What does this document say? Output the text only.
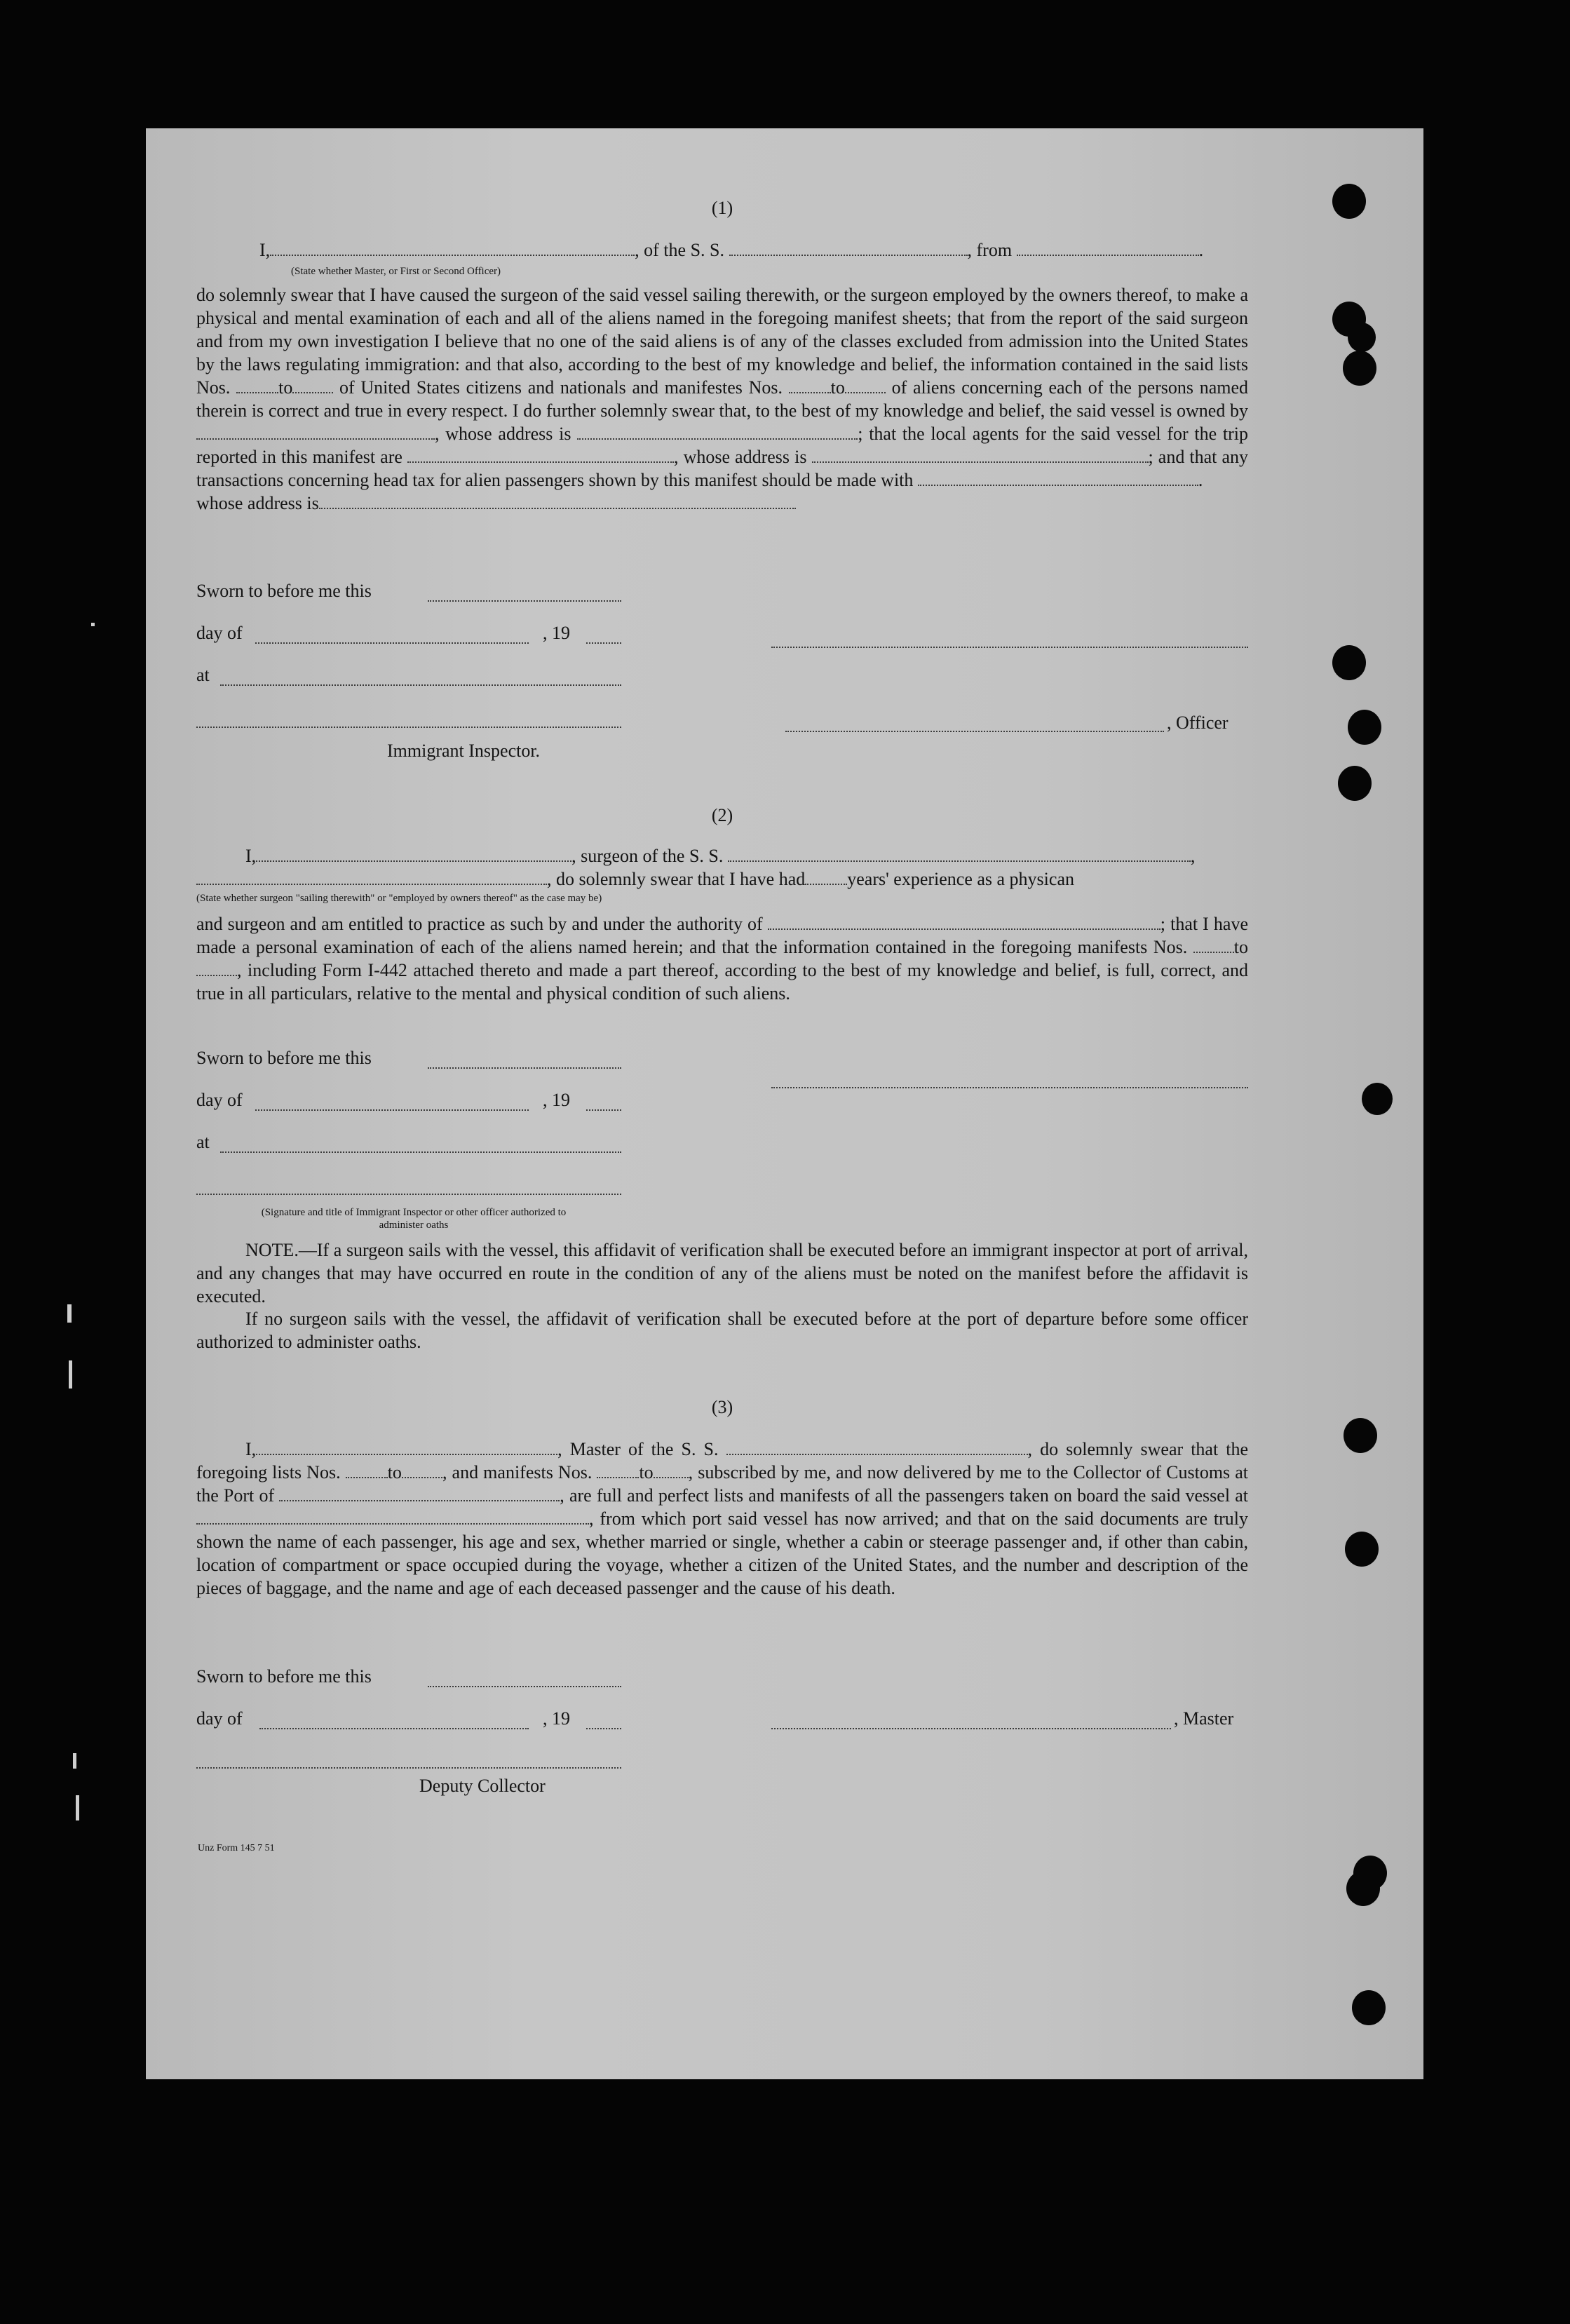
(1)
I,	, of the S. S.	, from	.
(State whether Master, or First or Second Officer)
do solemnly swear that I have caused the surgeon of the said vessel sailing therewith, or the surgeon employed by the owners thereof, to make a physical and mental examination of each and all of the aliens named in the foregoing manifest sheets; that from the report of the said surgeon and from my own investigation I believe that no one of the said aliens is of any of the classes excluded from admission into the United States by the laws regulating immigration: and that also, according to the best of my knowledge and belief, the information contained in the said lists Nos.	to	of United States citizens and nationals and manifestes Nos.	to	of aliens concerning each of the persons named therein is correct and true in every respect. I do further solemnly swear that, to the best of my knowledge and belief, the said vessel is owned by , whose address is	; that the local agents for the said vessel for the trip reported in this manifest are	, whose address is	; and that any transactions concerning head tax for alien passengers shown by this manifest should be made with	.
whose address is
Sworn to before me this
day of	, 19
at
, Officer
Immigrant Inspector.
(2)
I,	, surgeon of the S. S.	,
, do solemnly swear that I have had years' experience as a physican
(State whether surgeon "sailing therewith" or "employed by owners thereof" as the case may be)
and surgeon and am entitled to practice as such by and under the authority of	; that I have made a personal examination of each of the aliens named herein; and that the information contained in the foregoing manifests Nos.	to, including Form I-442 attached thereto and made a part thereof, according to the best of my knowledge and belief, is full, correct, and true in all particulars, relative to the mental and physical condition of such aliens.
Sworn to before me this
day of	, 19
at
(Signature and title of Immigrant Inspector or other officer authorized to administer oaths
NOTE.—If a surgeon sails with the vessel, this affidavit of verification shall be executed before an immigrant inspector at port of arrival, and any changes that may have occurred en route in the condition of any of the aliens must be noted on the manifest before the affidavit is executed.
If no surgeon sails with the vessel, the affidavit of verification shall be executed before at the port of departure before some officer authorized to administer oaths.
(3)
I,	, Master of the S. S.	, do solemnly swear that the foregoing lists Nos.	to , and manifests Nos.	to , subscribed by me, and now delivered by me to the Collector of Customs at the Port of	, are full and perfect lists and manifests of all the passengers taken on board the said vessel at , from which port said vessel has now arrived; and that on the said documents are truly shown the name of each passenger, his age and sex, whether married or single, whether a cabin or steerage passenger and, if other than cabin, location of compartment or space occupied during the voyage, whether a citizen of the United States, and the number and description of the pieces of baggage, and the name and age of each deceased passenger and the cause of his death.
Sworn to before me this
day of	, 19	, Master
Deputy Collector
Unz Form 145 7 51
